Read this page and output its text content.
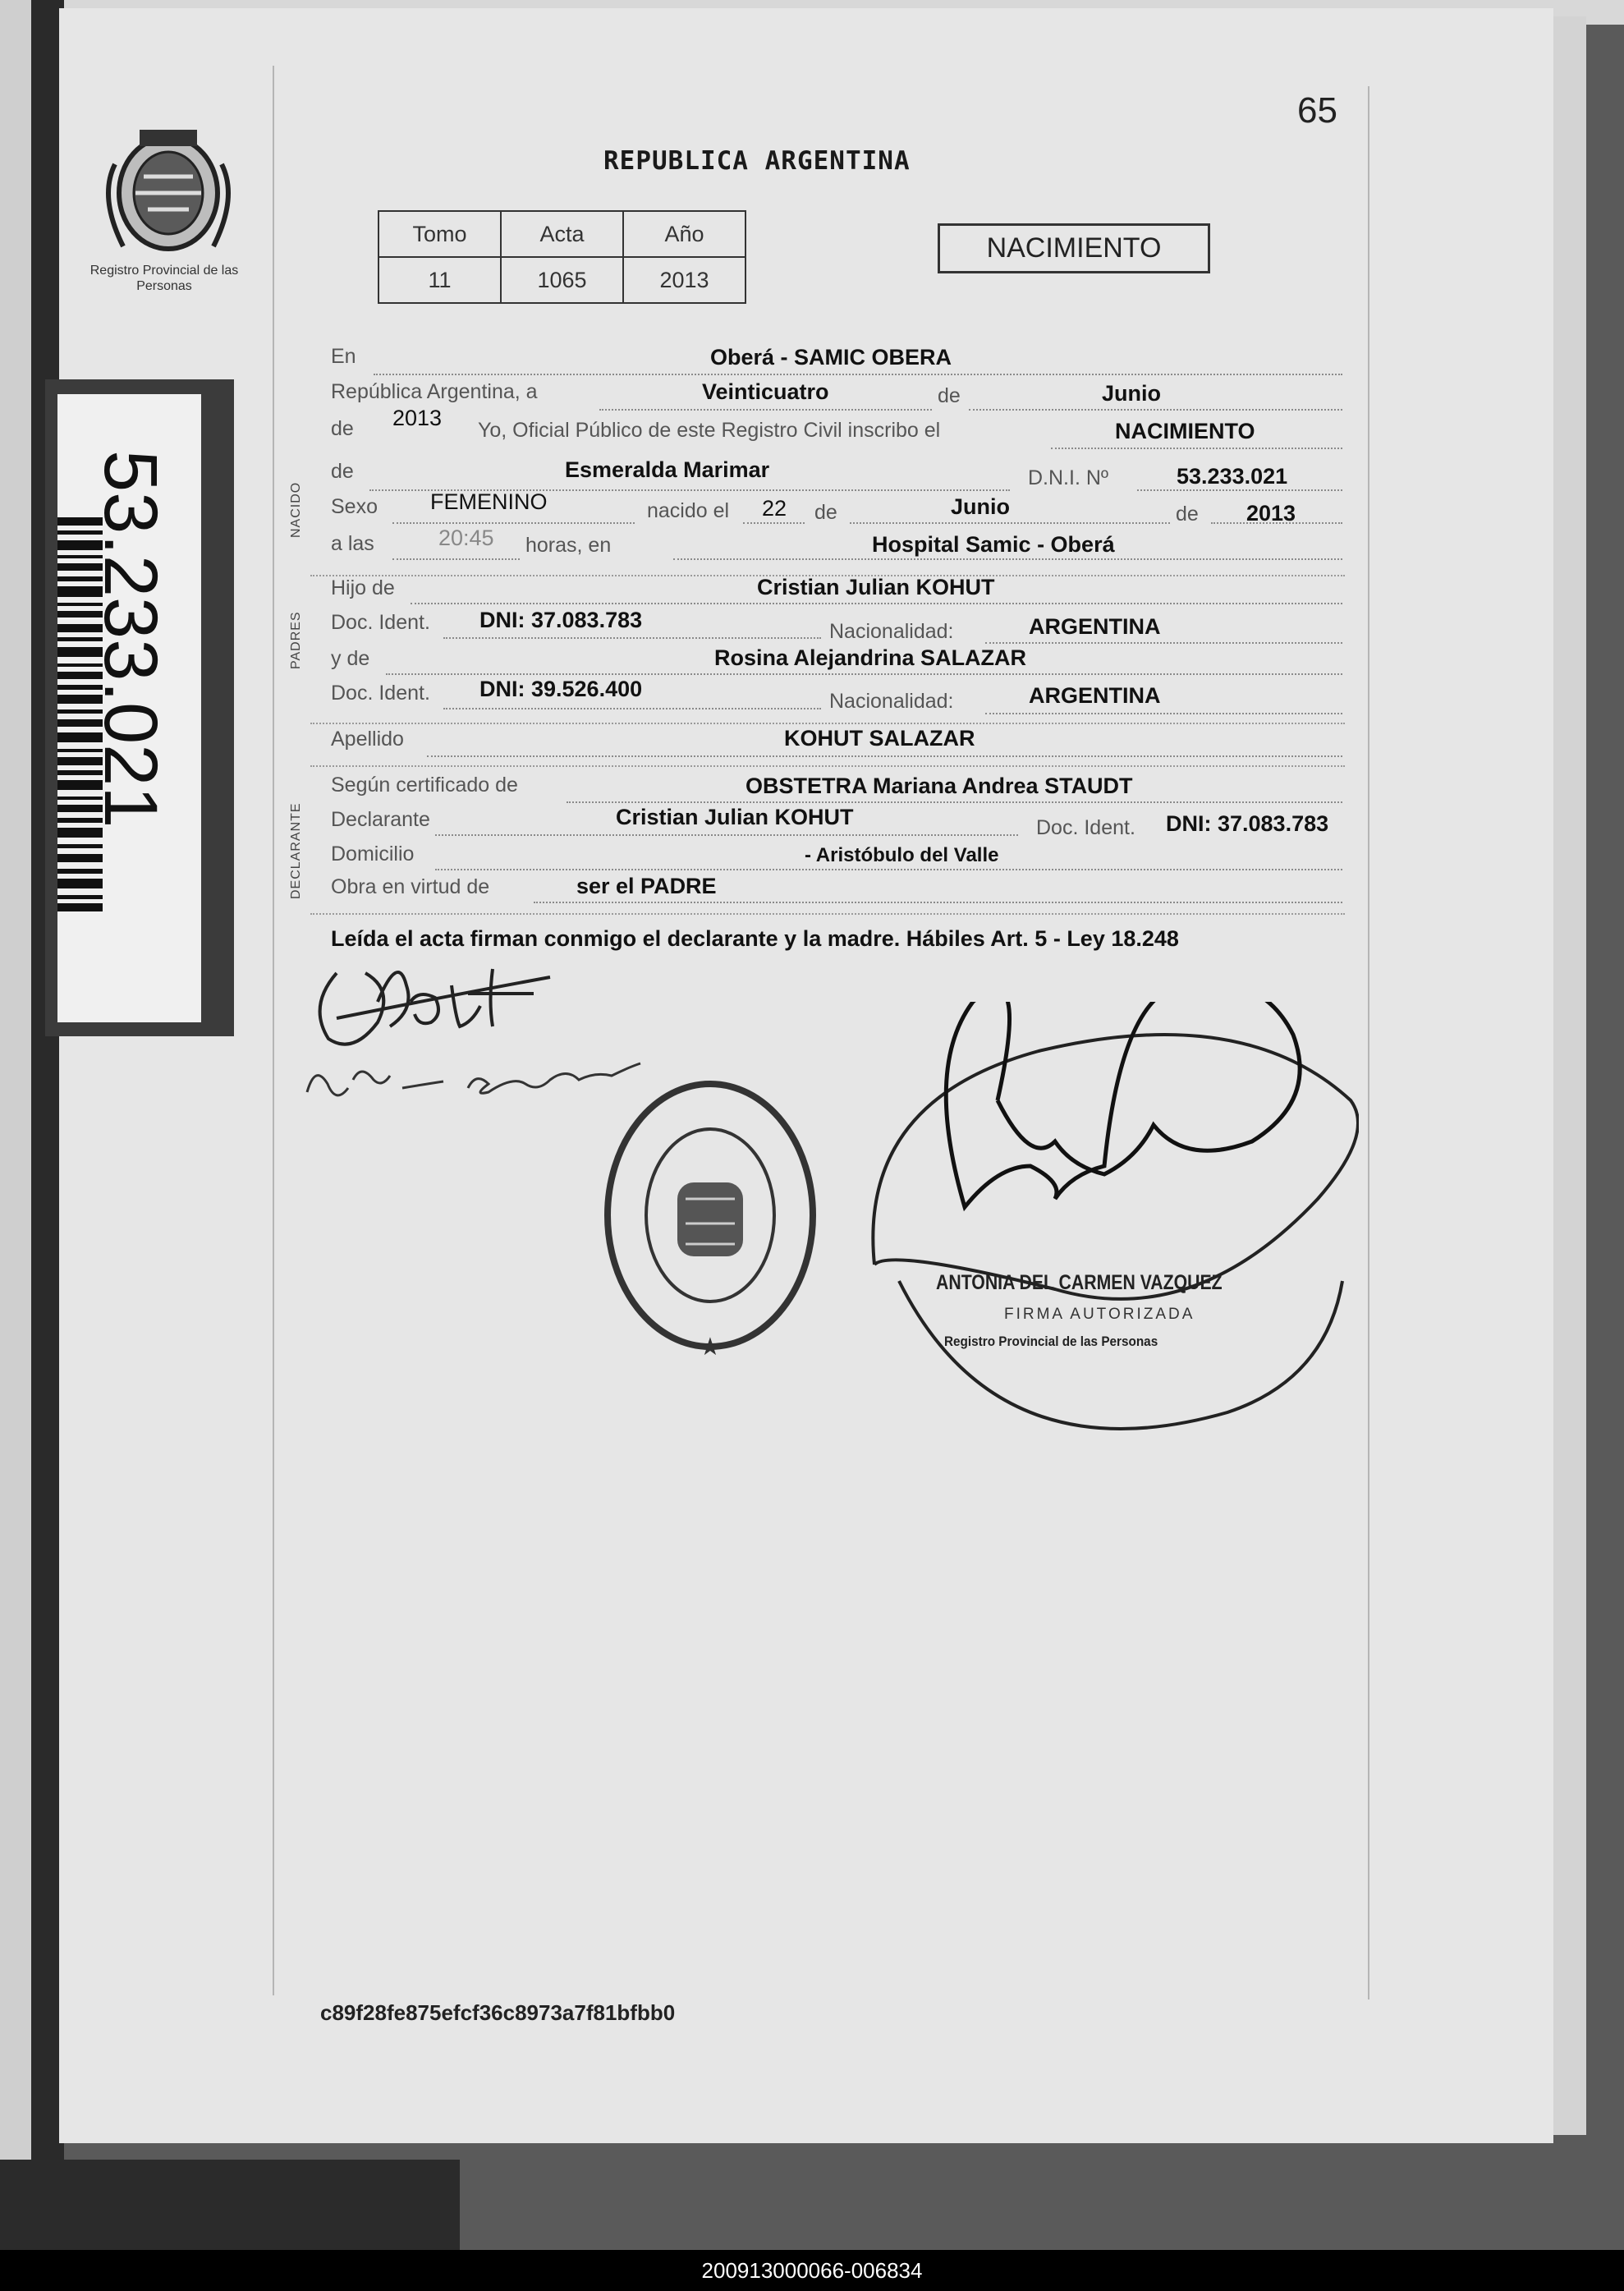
Registro Provincial de las Personas
65
REPUBLICA ARGENTINA
Tomo	Acta	Año
11	1065	2013
NACIMIENTO
53.233.021	NACIDO
PADRES
DECLARANTE
En	Oberá - SAMIC OBERA
República Argentina, a	Veinticuatro	de	Junio
de 2013 Yo, Oficial Público de este Registro Civil inscribo el	NACIMIENTO
de	Esmeralda Marimar	D.N.I. Nº	53.233.021
Sexo FEMENINO	nacido el 22 de	Junio	de 2013
a las	20:45 horas, en	Hospital Samic - Oberá
Hijo de	Cristian Julian KOHUT
Doc. Ident. DNI: 37.083.783	Nacionalidad:	ARGENTINA
y de	Rosina Alejandrina SALAZAR
Doc. Ident. DNI: 39.526.400	Nacionalidad:	ARGENTINA
Apellido	KOHUT SALAZAR
Según certificado de	OBSTETRA Mariana Andrea STAUDT
Declarante	Cristian Julian KOHUT	Doc. Ident. DNI: 37.083.783
Domicilio	- Aristóbulo del Valle
Obra en virtud de	ser el PADRE
Leída el acta firman conmigo el declarante y la madre. Hábiles Art. 5 - Ley 18.248
★
ANTONIA DEL CARMEN VAZQUEZ
FIRMA AUTORIZADA
Registro Provincial de las Personas
c89f28fe875efcf36c8973a7f81bfbb0
200913000066-006834
